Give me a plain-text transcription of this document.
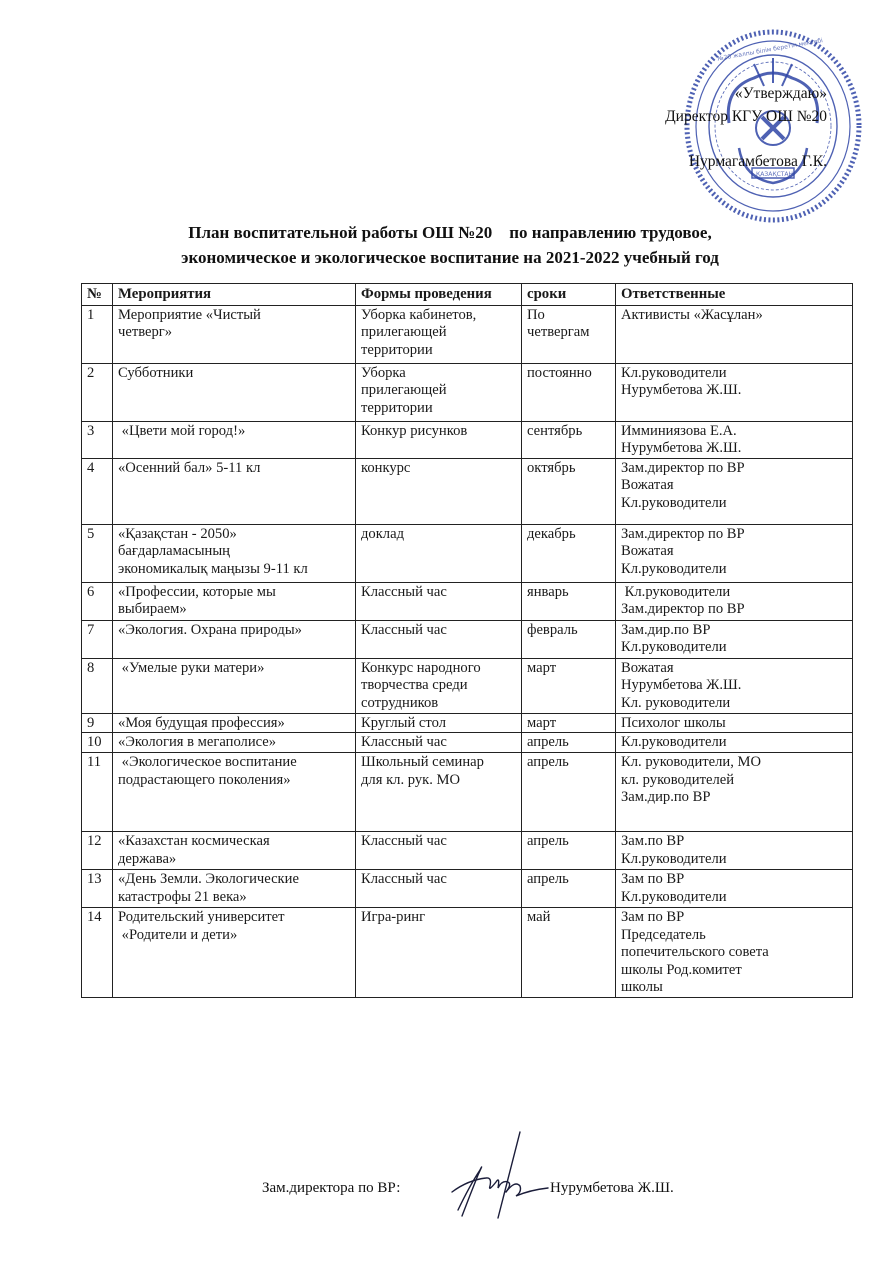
№20 жалпы білім беретін мектебі
ҚАЗАҚСТАН
«Утверждаю»
Директор КГУ ОШ №20
Нурмагамбетова Г.К.
План воспитательной работы ОШ №20    по направлению трудовое,
экономическое и экологическое воспитание на 2021-2022 учебный год
№	Мероприятия	Формы проведения	сроки	Ответственные
1	Мероприятие «Чистый
четверг»	Уборка кабинетов,
прилегающей
территории	По
четвергам	Активисты «Жасұлан»

2	Субботники	Уборка
прилегающей
территории	постоянно	Кл.руководители
Нурумбетова Ж.Ш.

3	«Цвети мой город!»	Конкур рисунков	сентябрь	Имминиязова Е.А.
Нурумбетова Ж.Ш.

4	«Осенний бал» 5-11 кл	конкурс	октябрь	Зам.директор по ВР
Вожатая
Кл.руководители

5	«Қазақстан - 2050»
бағдарламасының
экономикалық маңызы 9-11 кл	доклад	декабрь	Зам.директор по ВР
Вожатая
Кл.руководители

6	«Профессии, которые мы
выбираем»	Классный час	январь	Кл.руководители
Зам.директор по ВР

7	«Экология. Охрана природы»	Классный час	февраль	Зам.дир.по ВР
Кл.руководители

8	«Умелые руки матери»	Конкурс народного
творчества среди
сотрудников	март	Вожатая
Нурумбетова Ж.Ш.
Кл. руководители

9	«Моя будущая профессия»	Круглый стол	март	Психолог школы

10	«Экология в мегаполисе»	Классный час	апрель	Кл.руководители

11	«Экологическое воспитание
подрастающего поколения»	Школьный семинар
для кл. рук. МО	апрель	Кл. руководители, МО
кл. руководителей
Зам.дир.по ВР

12	«Казахстан космическая
держава»	Классный час	апрель	Зам.по ВР
Кл.руководители

13	«День Земли. Экологические
катастрофы 21 века»	Классный час	апрель	Зам по ВР
Кл.руководители

14	Родительский университет
«Родители и дети»	Игра-ринг	май	Зам по ВР
Председатель
попечительского совета
школы Род.комитет
школы
Зам.директора по ВР:	Нурумбетова Ж.Ш.
